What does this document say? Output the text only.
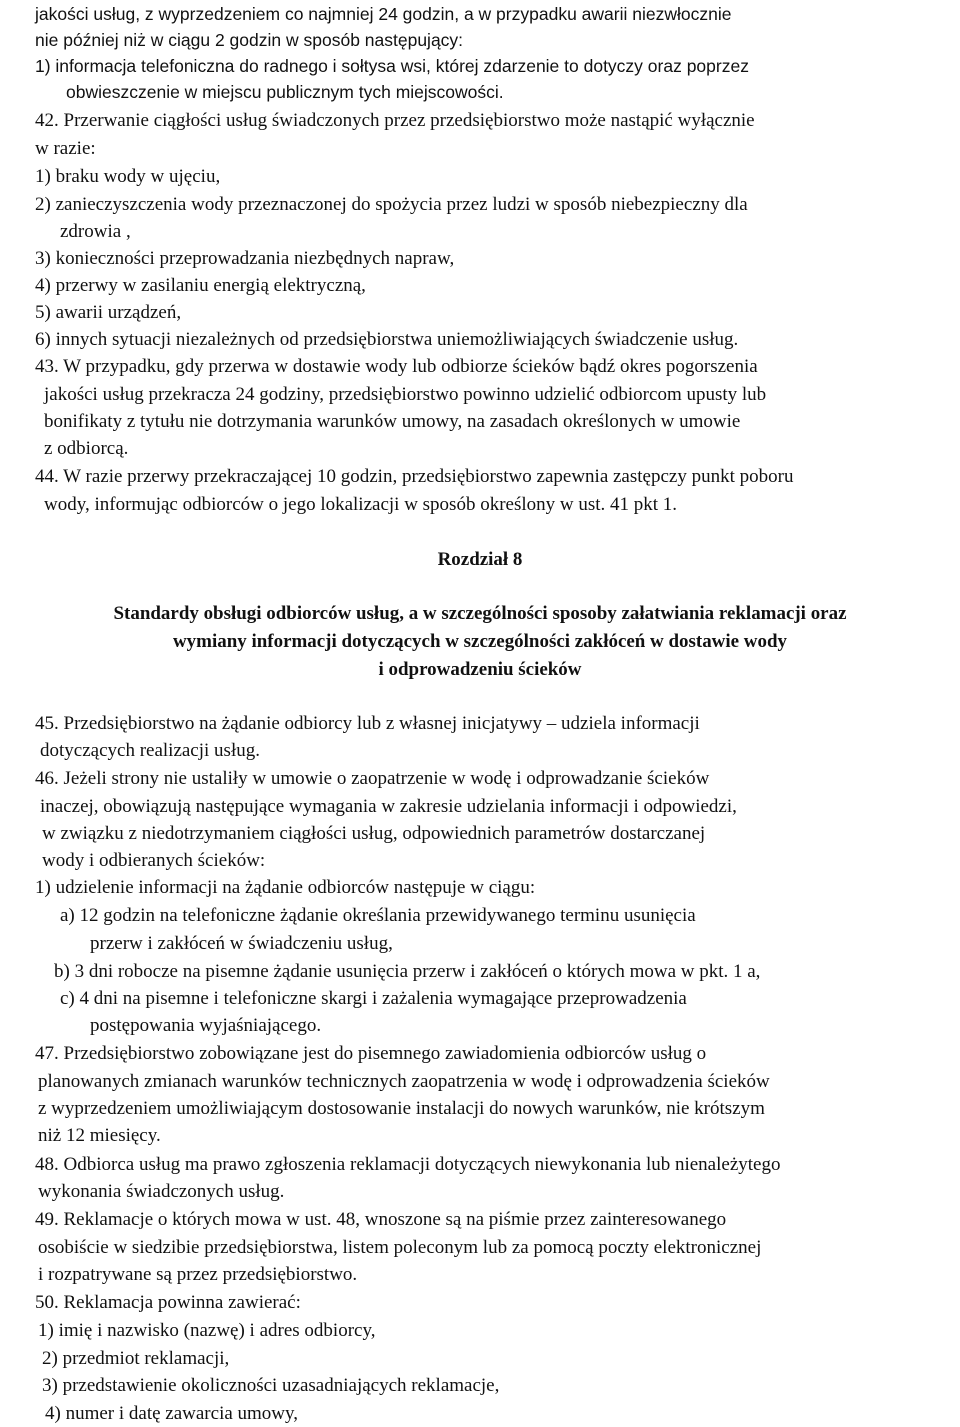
jakości usług, z wyprzedzeniem co najmniej 24 godzin, a w przypadku awarii niezwłocznie
nie później niż w ciągu 2 godzin w sposób następujący:
1) informacja telefoniczna do radnego i sołtysa wsi, której zdarzenie to dotyczy oraz poprzez
obwieszczenie w miejscu publicznym tych miejscowości.
42. Przerwanie ciągłości usług świadczonych przez przedsiębiorstwo może nastąpić wyłącznie
w razie:
1) braku wody w ujęciu,
2) zanieczyszczenia wody przeznaczonej do spożycia przez ludzi w sposób niebezpieczny dla
zdrowia ,
3) konieczności przeprowadzania niezbędnych napraw,
4) przerwy w zasilaniu energią elektryczną,
5) awarii urządzeń,
6) innych sytuacji niezależnych od przedsiębiorstwa uniemożliwiających świadczenie usług.
43. W przypadku, gdy przerwa w dostawie wody lub odbiorze ścieków bądź okres pogorszenia
jakości usług przekracza 24 godziny, przedsiębiorstwo powinno udzielić odbiorcom upusty lub
bonifikaty z tytułu nie dotrzymania warunków umowy, na zasadach określonych w umowie
z odbiorcą.
44. W razie przerwy przekraczającej 10 godzin, przedsiębiorstwo zapewnia zastępczy punkt poboru
wody, informując odbiorców o jego lokalizacji w sposób określony w ust. 41 pkt 1.
Rozdział 8
Standardy obsługi odbiorców usług, a w szczególności sposoby załatwiania reklamacji oraz
wymiany informacji dotyczących w szczególności zakłóceń w dostawie wody
i odprowadzeniu ścieków
45. Przedsiębiorstwo na żądanie odbiorcy lub z własnej inicjatywy – udziela informacji
dotyczących realizacji usług.
46. Jeżeli strony nie ustaliły w umowie o zaopatrzenie w wodę i odprowadzanie ścieków
inaczej, obowiązują następujące wymagania w zakresie udzielania informacji i odpowiedzi,
w związku z niedotrzymaniem ciągłości usług, odpowiednich parametrów dostarczanej
wody i odbieranych ścieków:
1) udzielenie informacji na żądanie odbiorców następuje w ciągu:
a) 12 godzin na telefoniczne żądanie określania przewidywanego terminu usunięcia
przerw i zakłóceń w świadczeniu usług,
b) 3 dni robocze na pisemne żądanie usunięcia przerw i zakłóceń o których mowa w pkt. 1 a,
c) 4 dni na pisemne i telefoniczne skargi i zażalenia wymagające przeprowadzenia
postępowania wyjaśniającego.
47. Przedsiębiorstwo zobowiązane jest do pisemnego zawiadomienia odbiorców usług o
planowanych zmianach warunków technicznych zaopatrzenia w wodę i odprowadzenia ścieków
z wyprzedzeniem umożliwiającym dostosowanie instalacji do nowych warunków, nie krótszym
niż 12 miesięcy.
48. Odbiorca usług ma prawo zgłoszenia reklamacji dotyczących niewykonania lub nienależytego
wykonania świadczonych usług.
49. Reklamacje o których mowa w ust. 48, wnoszone są na piśmie przez zainteresowanego
osobiście w siedzibie przedsiębiorstwa, listem poleconym lub za pomocą poczty elektronicznej
i rozpatrywane są przez przedsiębiorstwo.
50. Reklamacja powinna zawierać:
1) imię i nazwisko (nazwę) i adres odbiorcy,
2) przedmiot reklamacji,
3) przedstawienie okoliczności uzasadniających reklamacje,
4) numer i datę zawarcia umowy,
